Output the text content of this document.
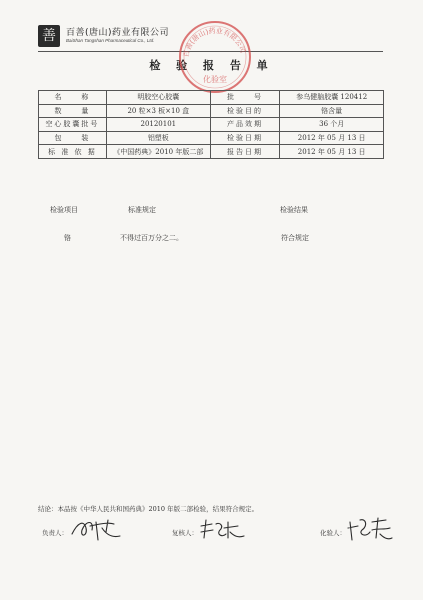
善	百善(唐山)药业有限公司
BaiShan Tangshan Pharmaceutical Co., Ltd.
检 验 报 告 单
百善(唐山)药业有限公司
化验室
名　　称	明胶空心胶囊	批　　号	参乌健脑胶囊 120412
数　　量	20 粒×3 板×10 盒	检验目的	铬含量
空心胶囊批号	20120101	产品效期	36 个月
包　　装	铝塑板	检验日期	2012 年 05 月 13 日
标 准 依 据	《中国药典》2010 年版二部	报告日期	2012 年 05 月 13 日
检验项目	标准规定	检验结果
铬	不得过百万分之二。	符合规定
结论：本品按《中华人民共和国药典》2010 年版二部检验，结果符合规定。
负责人：	复核人：	化验人：
